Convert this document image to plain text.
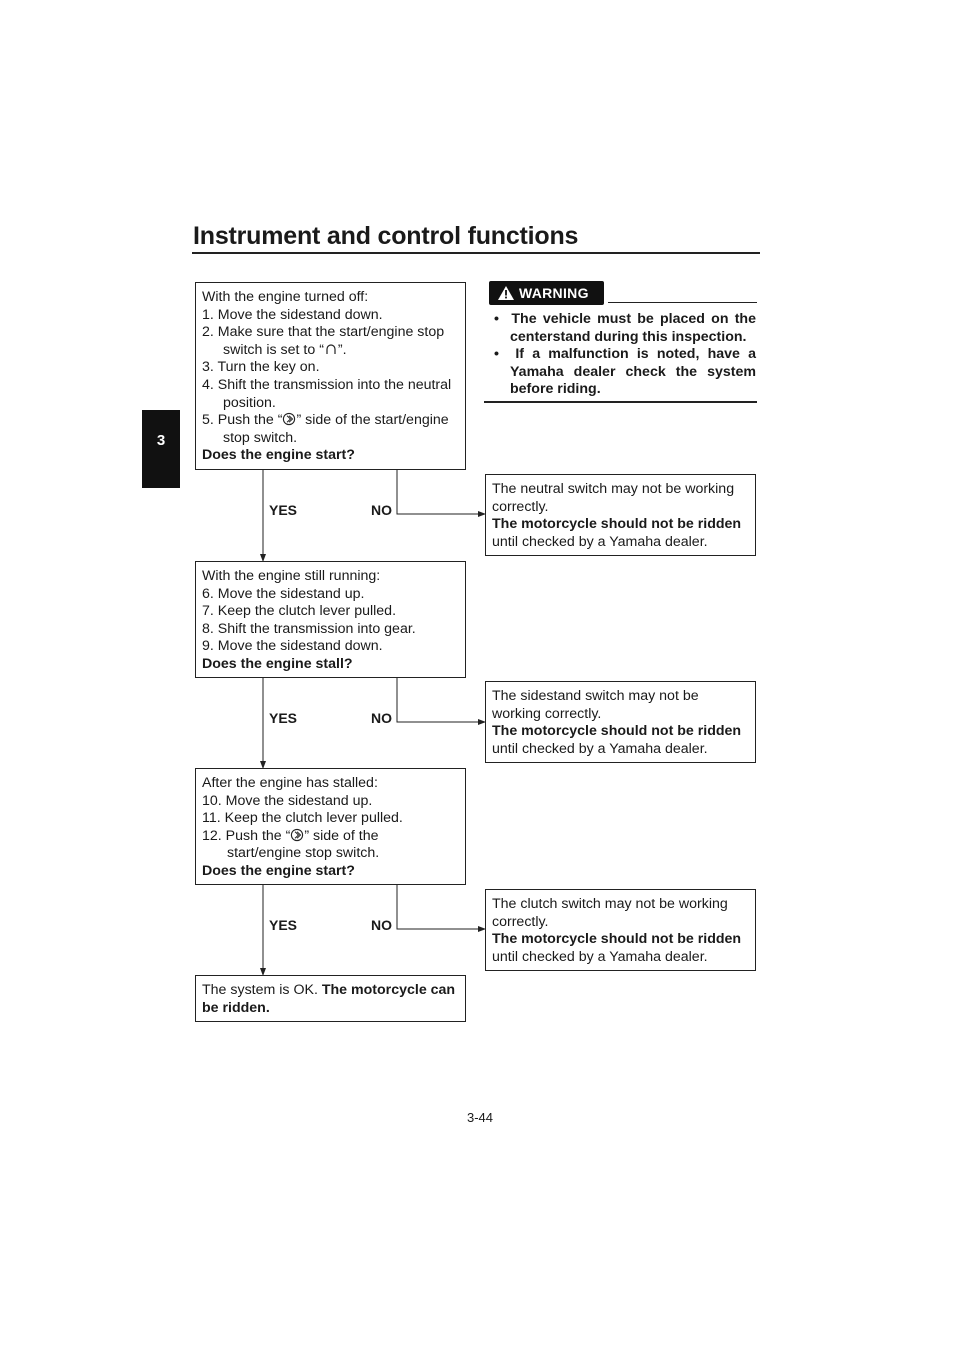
Instrument and control functions
3
With the engine turned off:
1. Move the sidestand down.
2. Make sure that the start/engine stop
switch is set to “ ”.
3. Turn the key on.
4. Shift the transmission into the neutral
position.
5. Push the “ ” side of the start/engine
stop switch.
Does the engine start?
YES	NO
With the engine still running:
6. Move the sidestand up.
7. Keep the clutch lever pulled.
8. Shift the transmission into gear.
9. Move the sidestand down.
Does the engine stall?
YES	NO
After the engine has stalled:
10. Move the sidestand up.
11. Keep the clutch lever pulled.
12. Push the “ ” side of the
start/engine stop switch.
Does the engine start?
YES	NO
The system is OK. The motorcycle can
be ridden.
WARNING
•  The vehicle must be placed on the centerstand during this inspection.
•  If a malfunction is noted, have a Yamaha dealer check the system before riding.
The neutral switch may not be working
correctly.
The motorcycle should not be ridden
until checked by a Yamaha dealer.
The sidestand switch may not be
working correctly.
The motorcycle should not be ridden
until checked by a Yamaha dealer.
The clutch switch may not be working
correctly.
The motorcycle should not be ridden
until checked by a Yamaha dealer.
3-44
